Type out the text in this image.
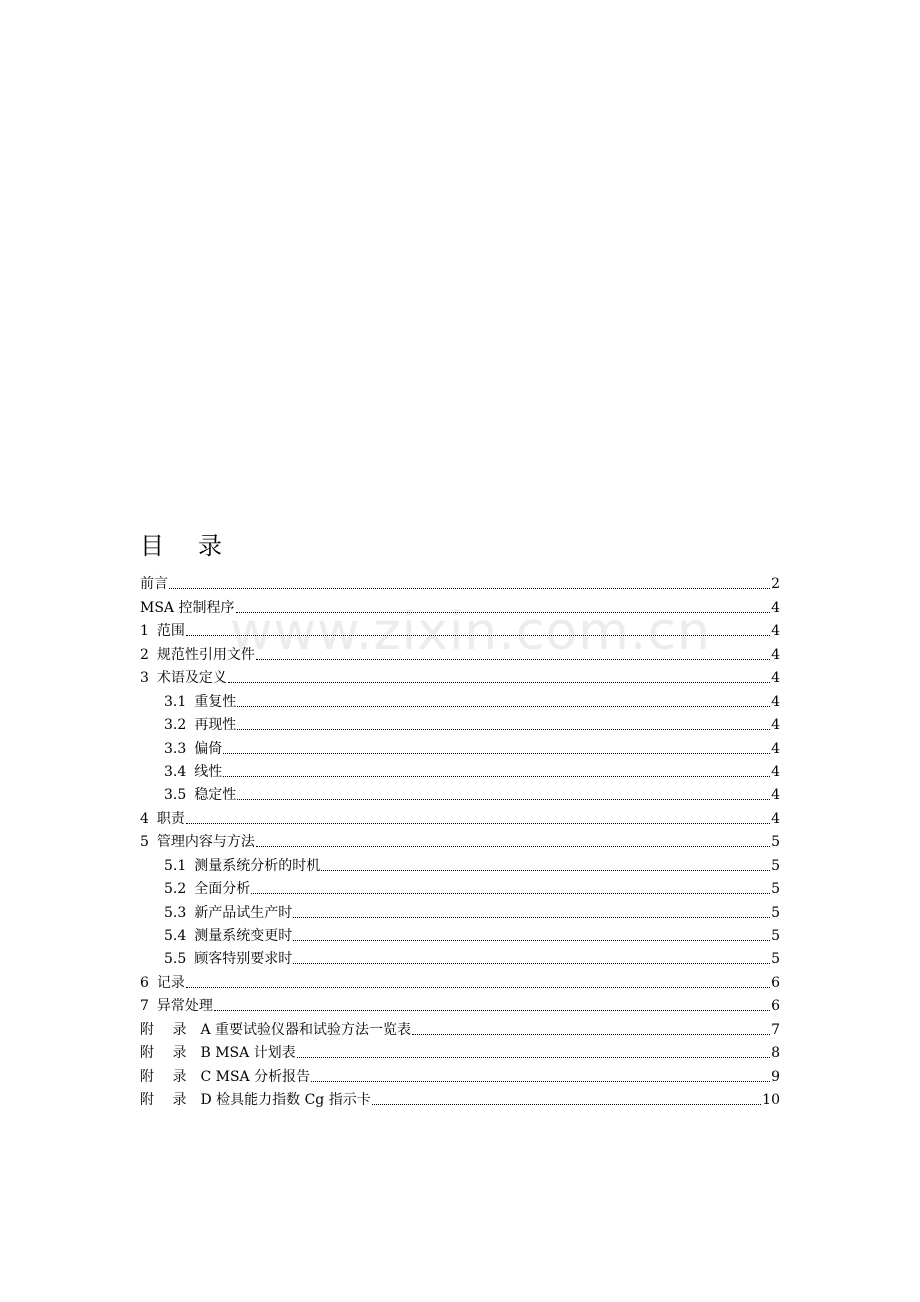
www.zixin.com.cn
目 录
前言	2
MSA 控制程序	4
1 范围	4
2 规范性引用文件	4
3 术语及定义	4
3.1 重复性	4
3.2 再现性	4
3.3 偏倚	4
3.4 线性	4
3.5 稳定性	4
4 职责	4
5 管理内容与方法	5
5.1 测量系统分析的时机	5
5.2 全面分析	5
5.3 新产品试生产时	5
5.4 测量系统变更时	5
5.5 顾客特别要求时	5
6 记录	6
7 异常处理	6
附 录 A 重要试验仪器和试验方法一览表	7
附 录 B MSA 计划表	8
附 录 C MSA 分析报告	9
附 录 D 检具能力指数 Cg 指示卡	10
